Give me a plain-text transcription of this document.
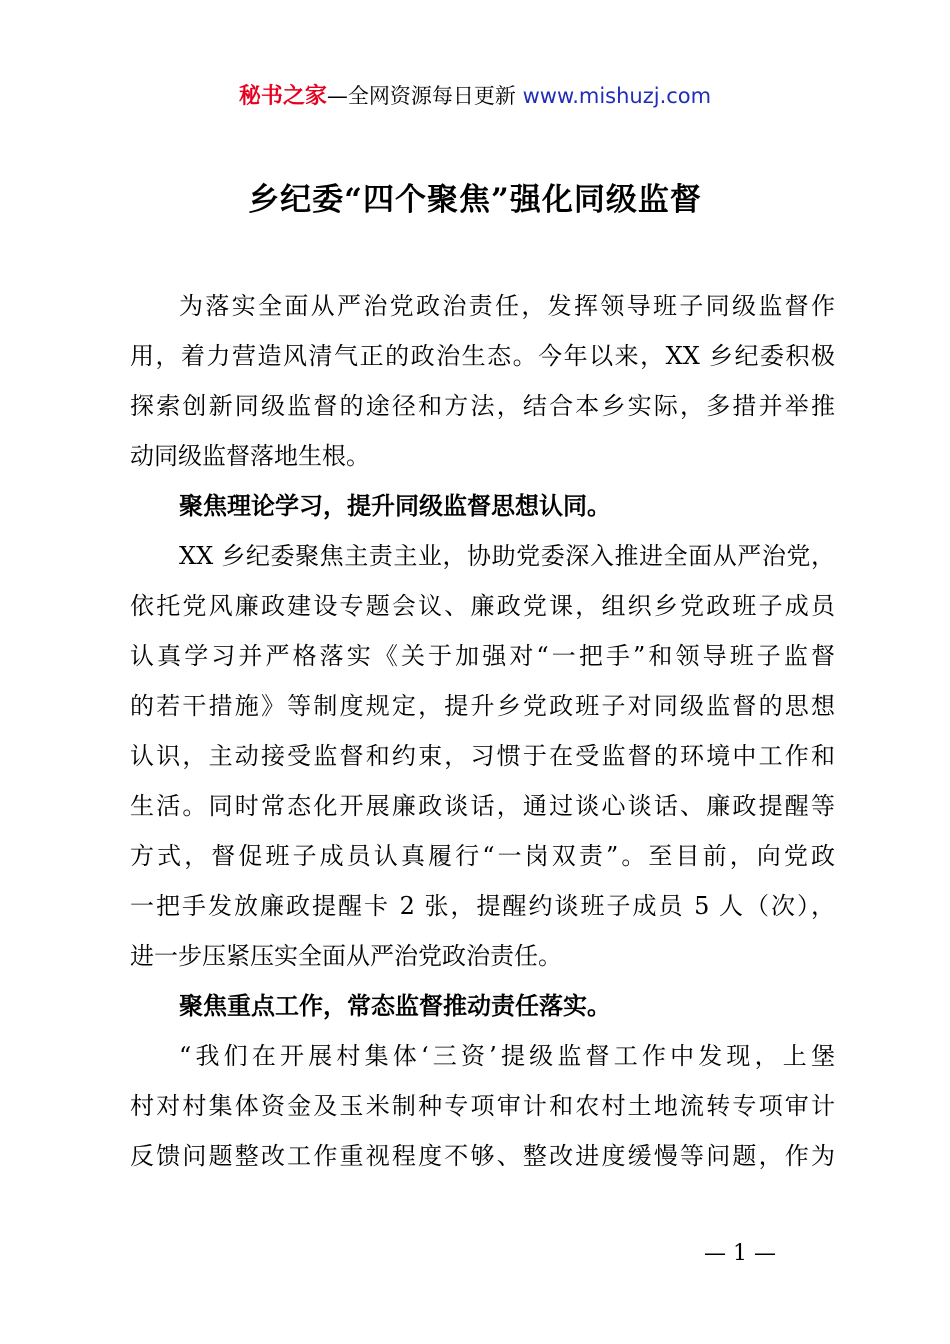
秘书之家—全网资源每日更新 www.mishuzj.com
乡纪委“四个聚焦”强化同级监督
为落实全面从严治党政治责任，发挥领导班子同级监督作
用，着力营造风清气正的政治生态。今年以来，XX 乡纪委积极
探索创新同级监督的途径和方法，结合本乡实际，多措并举推
动同级监督落地生根。
聚焦理论学习，提升同级监督思想认同。
XX 乡纪委聚焦主责主业，协助党委深入推进全面从严治党，
依托党风廉政建设专题会议、廉政党课，组织乡党政班子成员
认真学习并严格落实《关于加强对“一把手”和领导班子监督
的若干措施》等制度规定，提升乡党政班子对同级监督的思想
认识，主动接受监督和约束，习惯于在受监督的环境中工作和
生活。同时常态化开展廉政谈话，通过谈心谈话、廉政提醒等
方式，督促班子成员认真履行“一岗双责”。至目前，向党政
一把手发放廉政提醒卡 2 张，提醒约谈班子成员 5 人（次），
进一步压紧压实全面从严治党政治责任。
聚焦重点工作，常态监督推动责任落实。
“我们在开展村集体‘三资’提级监督工作中发现，上堡
村对村集体资金及玉米制种专项审计和农村土地流转专项审计
反馈问题整改工作重视程度不够、整改进度缓慢等问题，作为
— 1 —
